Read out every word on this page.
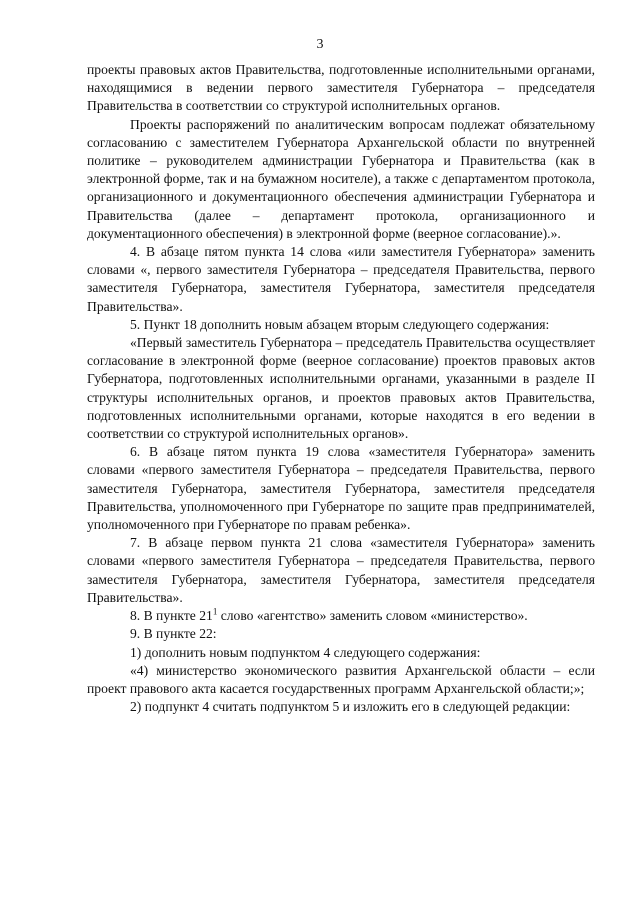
3

проекты правовых актов Правительства, подготовленные исполнительными органами, находящимися в ведении первого заместителя Губернатора – председателя Правительства в соответствии со структурой исполнительных органов.

Проекты распоряжений по аналитическим вопросам подлежат обязательному согласованию с заместителем Губернатора Архангельской области по внутренней политике – руководителем администрации Губернатора и Правительства (как в электронной форме, так и на бумажном носителе), а также с департаментом протокола, организационного и документационного обеспечения администрации Губернатора и Правительства (далее – департамент протокола, организационного и документационного обеспечения) в электронной форме (веерное согласование).».

4. В абзаце пятом пункта 14 слова «или заместителя Губернатора» заменить словами «, первого заместителя Губернатора – председателя Правительства, первого заместителя Губернатора, заместителя Губернатора, заместителя председателя Правительства».

5. Пункт 18 дополнить новым абзацем вторым следующего содержания:

«Первый заместитель Губернатора – председатель Правительства осуществляет согласование в электронной форме (веерное согласование) проектов правовых актов Губернатора, подготовленных исполнительными органами, указанными в разделе II структуры исполнительных органов, и проектов правовых актов Правительства, подготовленных исполнительными органами, которые находятся в его ведении в соответствии со структурой исполнительных органов».

6. В абзаце пятом пункта 19 слова «заместителя Губернатора» заменить словами «первого заместителя Губернатора – председателя Правительства, первого заместителя Губернатора, заместителя Губернатора, заместителя председателя Правительства, уполномоченного при Губернаторе по защите прав предпринимателей, уполномоченного при Губернаторе по правам ребенка».

7. В абзаце первом пункта 21 слова «заместителя Губернатора» заменить словами «первого заместителя Губернатора – председателя Правительства, первого заместителя Губернатора, заместителя Губернатора, заместителя председателя Правительства».

8. В пункте $21^1$ слово «агентство» заменить словом «министерство».

9. В пункте 22:

1) дополнить новым подпунктом 4 следующего содержания:

«4) министерство экономического развития Архангельской области – если проект правового акта касается государственных программ Архангельской области;»;

2) подпункт 4 считать подпунктом 5 и изложить его в следующей редакции:
